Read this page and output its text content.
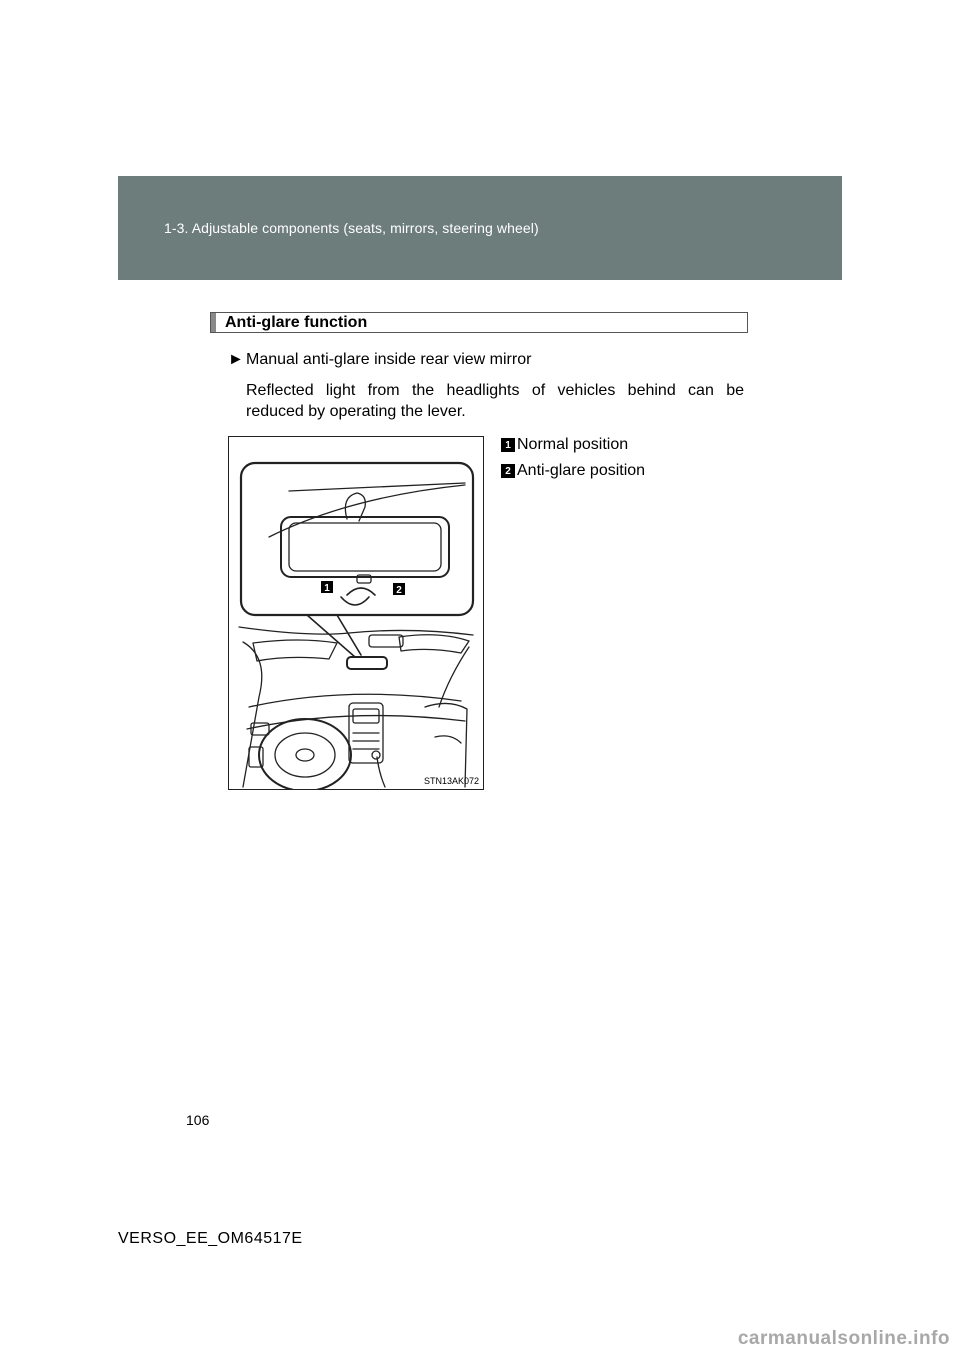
1-3. Adjustable components (seats, mirrors, steering wheel)
Anti-glare function
► Manual anti-glare inside rear view mirror
Reflected light from the headlights of vehicles behind can be
reduced by operating the lever.
1	2
STN13AK072
1 Normal position
2 Anti-glare position
106
VERSO_EE_OM64517E
carmanualsonline.info
